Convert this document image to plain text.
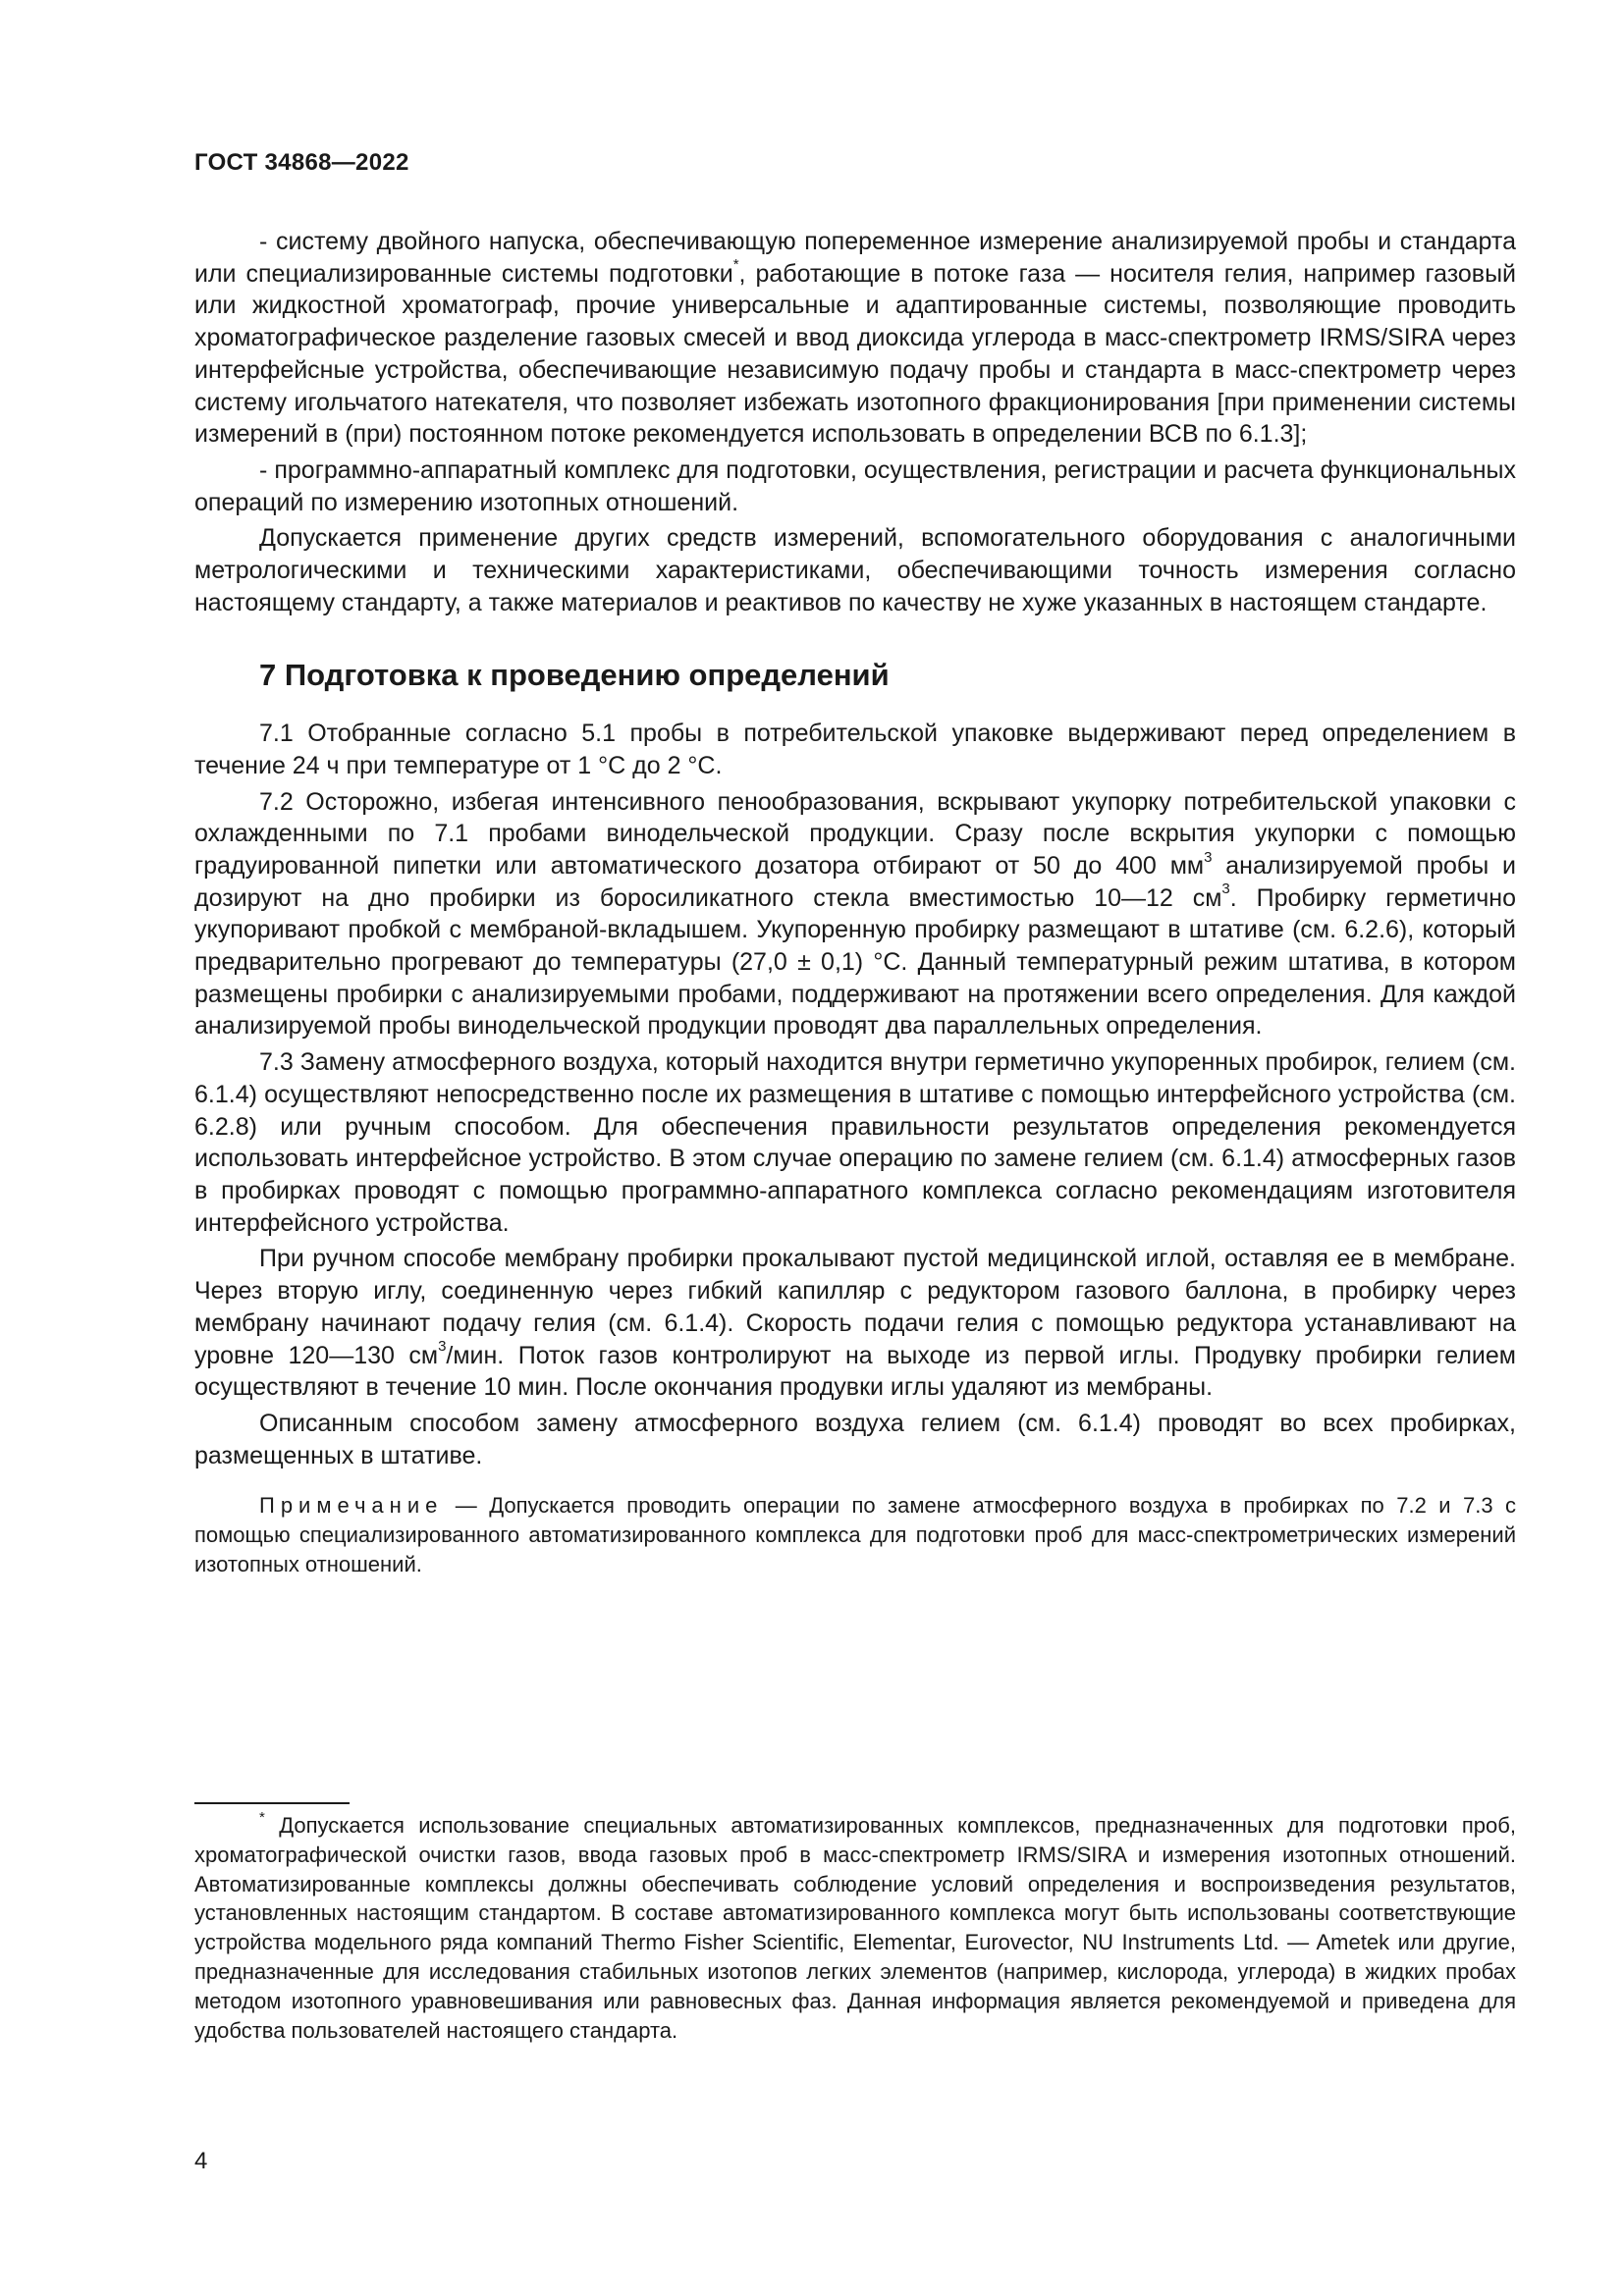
ГОСТ 34868—2022

- систему двойного напуска, обеспечивающую попеременное измерение анализируемой пробы и стандарта или специализированные системы подготовки*, работающие в потоке газа — носителя гелия, например газовый или жидкостной хроматограф, прочие универсальные и адаптированные системы, позволяющие проводить хроматографическое разделение газовых смесей и ввод диоксида углерода в масс-спектрометр IRMS/SIRA через интерфейсные устройства, обеспечивающие независимую подачу пробы и стандарта в масс-спектрометр через систему игольчатого натекателя, что позволяет избежать изотопного фракционирования [при применении системы измерений в (при) постоянном потоке рекомендуется использовать в определении ВСВ по 6.1.3];

- программно-аппаратный комплекс для подготовки, осуществления, регистрации и расчета функциональных операций по измерению изотопных отношений.

Допускается применение других средств измерений, вспомогательного оборудования с аналогичными метрологическими и техническими характеристиками, обеспечивающими точность измерения согласно настоящему стандарту, а также материалов и реактивов по качеству не хуже указанных в настоящем стандарте.

7 Подготовка к проведению определений

7.1 Отобранные согласно 5.1 пробы в потребительской упаковке выдерживают перед определением в течение 24 ч при температуре от 1 °С до 2 °С.

7.2 Осторожно, избегая интенсивного пенообразования, вскрывают укупорку потребительской упаковки с охлажденными по 7.1 пробами винодельческой продукции. Сразу после вскрытия укупорки с помощью градуированной пипетки или автоматического дозатора отбирают от 50 до 400 $мм^3$ анализируемой пробы и дозируют на дно пробирки из боросиликатного стекла вместимостью 10—12 $см^3$. Пробирку герметично укупоривают пробкой с мембраной-вкладышем. Укупоренную пробирку размещают в штативе (см. 6.2.6), который предварительно прогревают до температуры (27,0 ± 0,1) °С. Данный температурный режим штатива, в котором размещены пробирки с анализируемыми пробами, поддерживают на протяжении всего определения. Для каждой анализируемой пробы винодельческой продукции проводят два параллельных определения.

7.3 Замену атмосферного воздуха, который находится внутри герметично укупоренных пробирок, гелием (см. 6.1.4) осуществляют непосредственно после их размещения в штативе с помощью интерфейсного устройства (см. 6.2.8) или ручным способом. Для обеспечения правильности результатов определения рекомендуется использовать интерфейсное устройство. В этом случае операцию по замене гелием (см. 6.1.4) атмосферных газов в пробирках проводят с помощью программно-аппаратного комплекса согласно рекомендациям изготовителя интерфейсного устройства.

При ручном способе мембрану пробирки прокалывают пустой медицинской иглой, оставляя ее в мембране. Через вторую иглу, соединенную через гибкий капилляр с редуктором газового баллона, в пробирку через мембрану начинают подачу гелия (см. 6.1.4). Скорость подачи гелия с помощью редуктора устанавливают на уровне 120—130 $см^3$/мин. Поток газов контролируют на выходе из первой иглы. Продувку пробирки гелием осуществляют в течение 10 мин. После окончания продувки иглы удаляют из мембраны.

Описанным способом замену атмосферного воздуха гелием (см. 6.1.4) проводят во всех пробирках, размещенных в штативе.

Примечание — Допускается проводить операции по замене атмосферного воздуха в пробирках по 7.2 и 7.3 с помощью специализированного автоматизированного комплекса для подготовки проб для масс-спектрометрических измерений изотопных отношений.

* Допускается использование специальных автоматизированных комплексов, предназначенных для подготовки проб, хроматографической очистки газов, ввода газовых проб в масс-спектрометр IRMS/SIRA и измерения изотопных отношений. Автоматизированные комплексы должны обеспечивать соблюдение условий определения и воспроизведения результатов, установленных настоящим стандартом. В составе автоматизированного комплекса могут быть использованы соответствующие устройства модельного ряда компаний Thermo Fisher Scientific, Elementar, Eurovector, NU Instruments Ltd. — Ametek или другие, предназначенные для исследования стабильных изотопов легких элементов (например, кислорода, углерода) в жидких пробах методом изотопного уравновешивания или равновесных фаз. Данная информация является рекомендуемой и приведена для удобства пользователей настоящего стандарта.

4
